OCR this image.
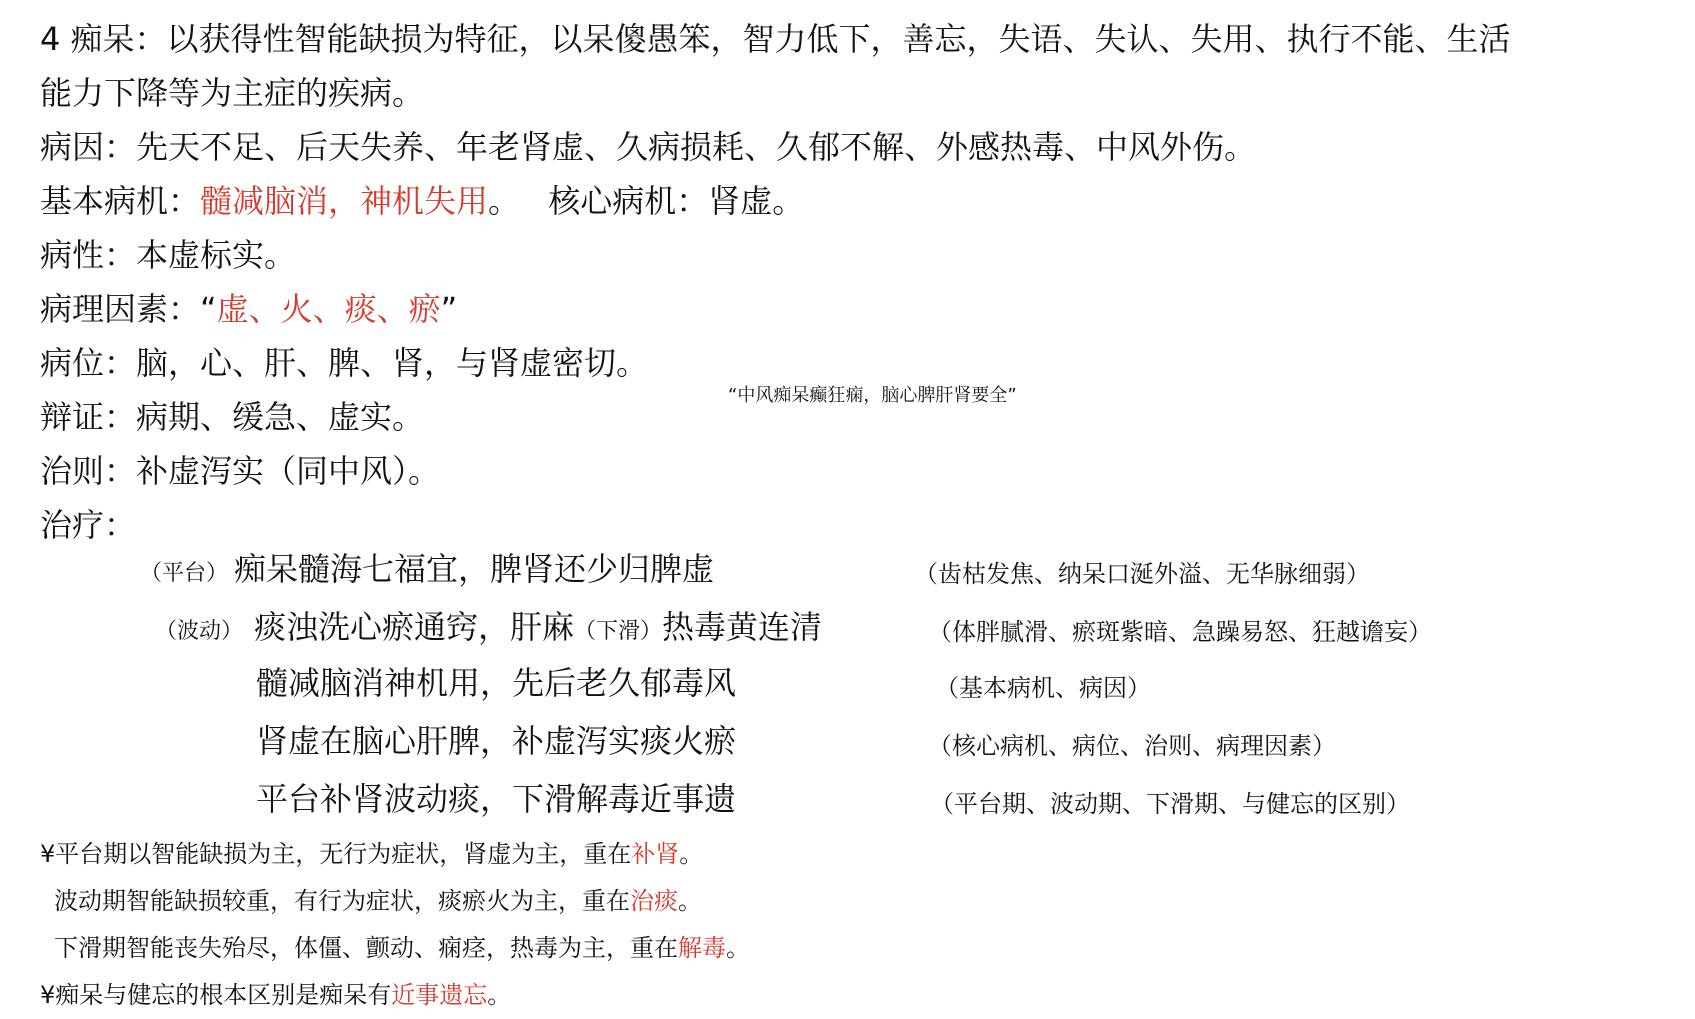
4 痴呆：以获得性智能缺损为特征，以呆傻愚笨，智力低下，善忘，失语、失认、失用、执行不能、生活
能力下降等为主症的疾病。
病因：先天不足、后天失养、年老肾虚、久病损耗、久郁不解、外感热毒、中风外伤。
基本病机：髓减脑消，神机失用。 核心病机：肾虚。
病性：本虚标实。
病理因素：“虚、火、痰、瘀”
病位：脑，心、肝、脾、肾，与肾虚密切。
“中风痴呆癫狂痫，脑心脾肝肾要全”
辩证：病期、缓急、虚实。
治则：补虚泻实（同中风）。
治疗：
（平台） 痴呆髓海七福宜，脾肾还少归脾虚	（齿枯发焦、纳呆口涎外溢、无华脉细弱）
（波动） 痰浊洗心瘀通窍，肝麻（下滑）热毒黄连清	（体胖腻滑、瘀斑紫暗、急躁易怒、狂越谵妄）
髓减脑消神机用，先后老久郁毒风	（基本病机、病因）
肾虚在脑心肝脾，补虚泻实痰火瘀	（核心病机、病位、治则、病理因素）
平台补肾波动痰，下滑解毒近事遗	（平台期、波动期、下滑期、与健忘的区别）
¥平台期以智能缺损为主，无行为症状，肾虚为主，重在补肾。
波动期智能缺损较重，有行为症状，痰瘀火为主，重在治痰。
下滑期智能丧失殆尽，体僵、颤动、痫痉，热毒为主，重在解毒。
¥痴呆与健忘的根本区别是痴呆有近事遗忘。
